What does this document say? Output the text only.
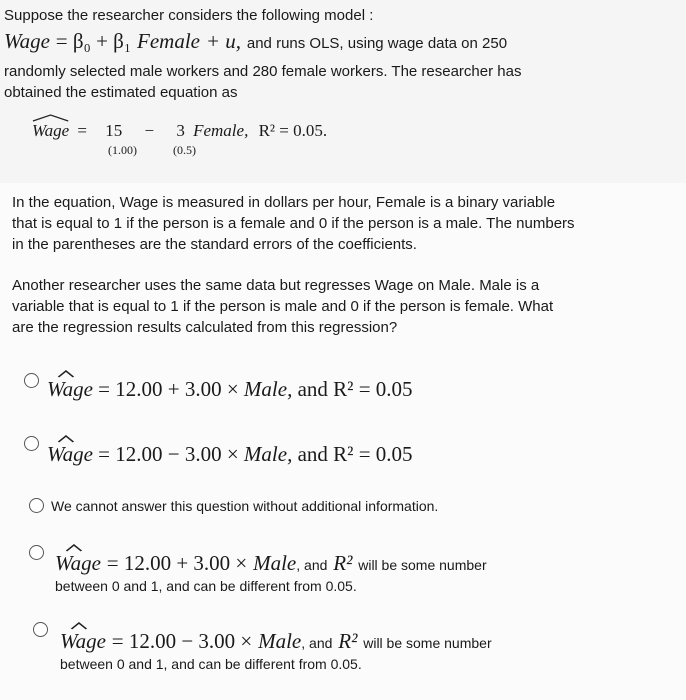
Suppose the researcher considers the following model :
Wage = β₀ + β₁ Female + u, and runs OLS, using wage data on 250
randomly selected male workers and 280 female workers. The researcher has
obtained the estimated equation as
Wage = 15 − 3 Female, R² = 0.05.
(1.00)	(0.5)
In the equation, Wage is measured in dollars per hour, Female is a binary variable
that is equal to 1 if the person is a female and 0 if the person is a male. The numbers
in the parentheses are the standard errors of the coefficients.
Another researcher uses the same data but regresses Wage on Male. Male is a
variable that is equal to 1 if the person is male and 0 if the person is female. What
are the regression results calculated from this regression?
Wage = 12.00 + 3.00 × Male, and R² = 0.05
Wage = 12.00 − 3.00 × Male, and R² = 0.05
We cannot answer this question without additional information.
Wage = 12.00 + 3.00 × Male, and R² will be some number
between 0 and 1, and can be different from 0.05.
Wage = 12.00 − 3.00 × Male, and R² will be some number
between 0 and 1, and can be different from 0.05.
